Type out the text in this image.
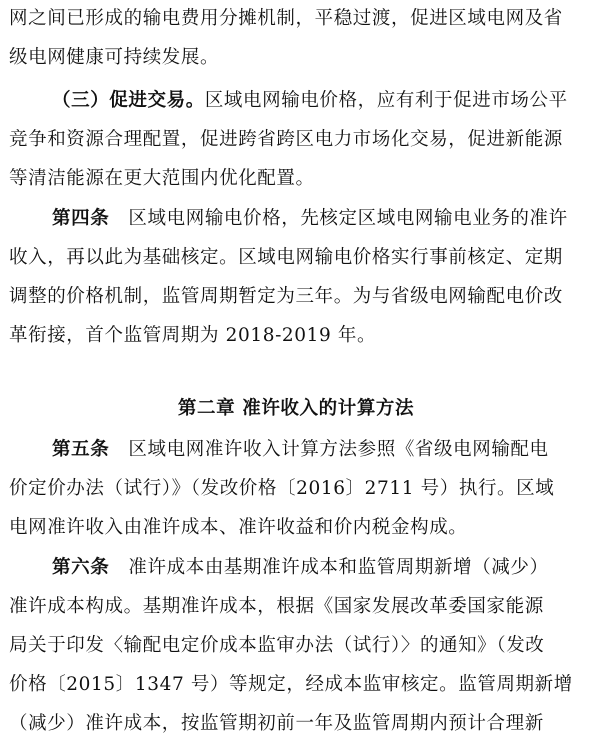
网之间已形成的输电费用分摊机制，平稳过渡，促进区域电网及省
级电网健康可持续发展。
（三）促进交易。区域电网输电价格，应有利于促进市场公平
竞争和资源合理配置，促进跨省跨区电力市场化交易，促进新能源
等清洁能源在更大范围内优化配置。
第四条　 区域电网输电价格，先核定区域电网输电业务的准许
收入，再以此为基础核定。区域电网输电价格实行事前核定、定期
调整的价格机制，监管周期暂定为三年。为与省级电网输配电价改
革衔接，首个监管周期为 2018-2019 年。
第二章 准许收入的计算方法
第五条　 区域电网准许收入计算方法参照《省级电网输配电
价定价办法（试行）》（发改价格〔2016〕2711 号）执行。区域
电网准许收入由准许成本、准许收益和价内税金构成。
第六条　 准许成本由基期准许成本和监管周期新增（减少）
准许成本构成。基期准许成本，根据《国家发展改革委国家能源
局关于印发〈输配电定价成本监审办法（试行）〉的通知》（发改
价格〔2015〕1347 号）等规定，经成本监审核定。监管周期新增
（减少）准许成本，按监管期初前一年及监管周期内预计合理新
